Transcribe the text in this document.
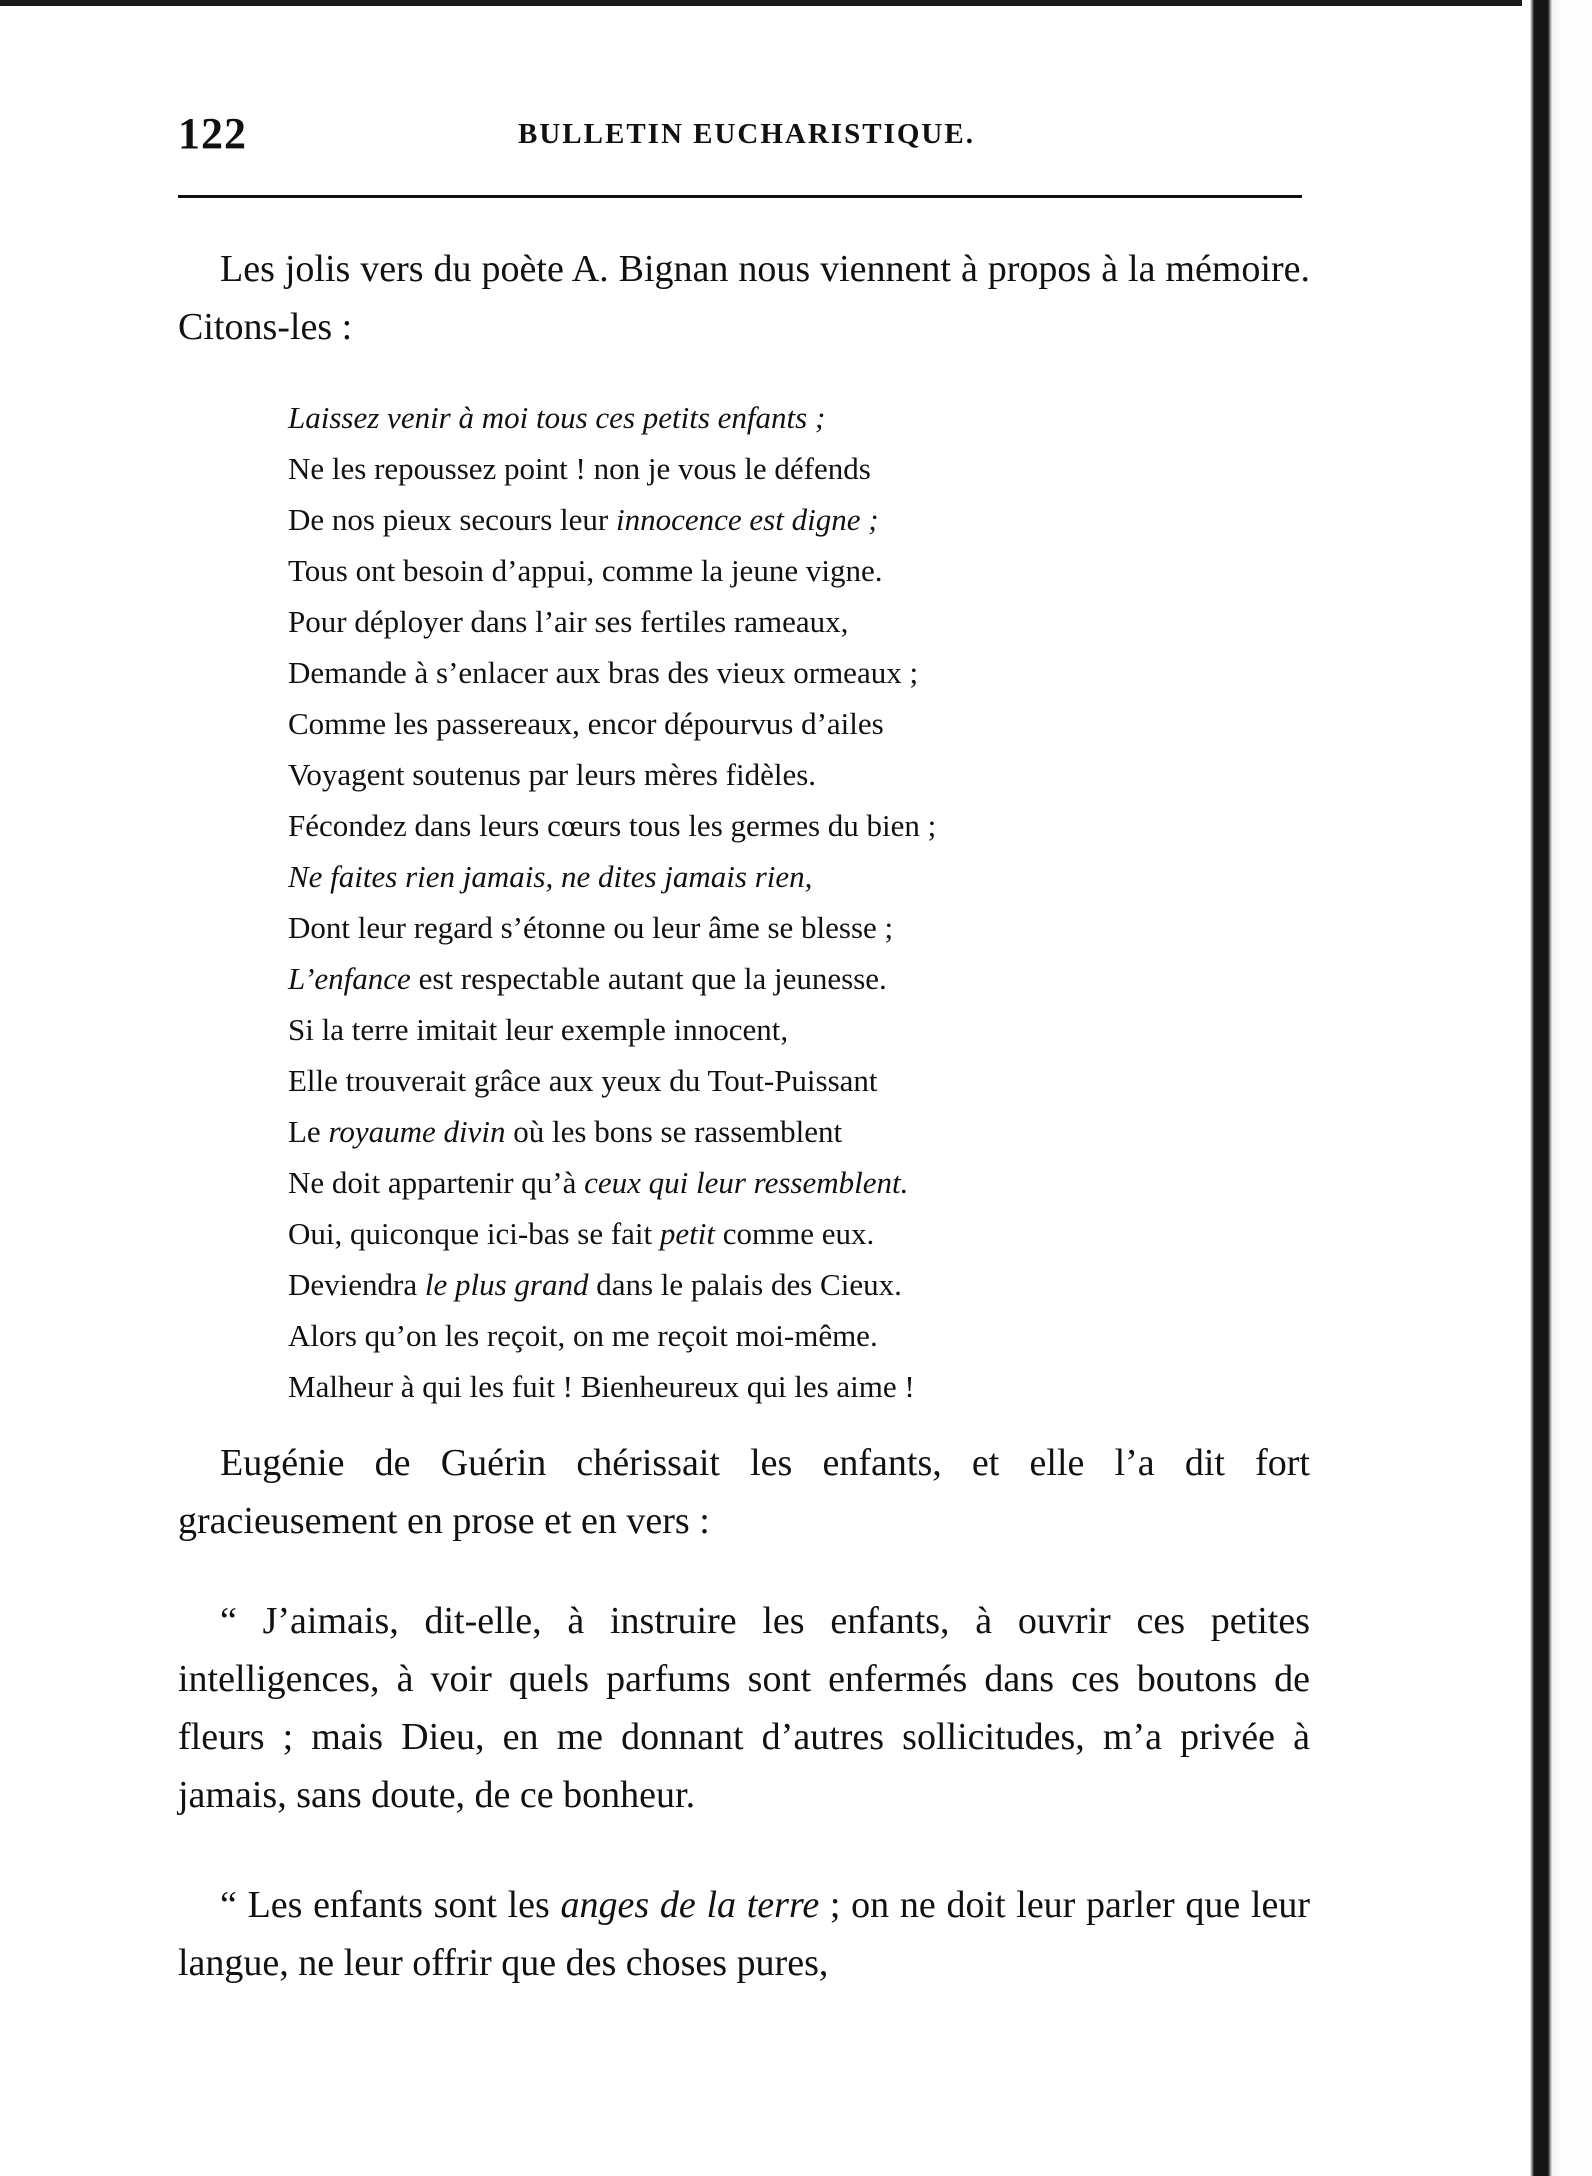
122	BULLETIN EUCHARISTIQUE.

Les jolis vers du poète A. Bignan nous viennent à propos à la mémoire. Citons-les :

Laissez venir à moi tous ces petits enfants ;
Ne les repoussez point ! non je vous le défends
De nos pieux secours leur innocence est digne ;
Tous ont besoin d’appui, comme la jeune vigne.
Pour déployer dans l’air ses fertiles rameaux,
Demande à s’enlacer aux bras des vieux ormeaux ;
Comme les passereaux, encor dépourvus d’ailes
Voyagent soutenus par leurs mères fidèles.
Fécondez dans leurs cœurs tous les germes du bien ;
Ne faites rien jamais, ne dites jamais rien,
Dont leur regard s’étonne ou leur âme se blesse ;
L’enfance est respectable autant que la jeunesse.
Si la terre imitait leur exemple innocent,
Elle trouverait grâce aux yeux du Tout-Puissant
Le royaume divin où les bons se rassemblent
Ne doit appartenir qu’à ceux qui leur ressemblent.
Oui, quiconque ici-bas se fait petit comme eux.
Deviendra le plus grand dans le palais des Cieux.
Alors qu’on les reçoit, on me reçoit moi-même.
Malheur à qui les fuit ! Bienheureux qui les aime !

Eugénie de Guérin chérissait les enfants, et elle l’a dit fort gracieusement en prose et en vers :

“ J’aimais, dit-elle, à instruire les enfants, à ouvrir ces petites intelligences, à voir quels parfums sont enfermés dans ces boutons de fleurs ; mais Dieu, en me donnant d’autres sollicitudes, m’a privée à jamais, sans doute, de ce bonheur.

“ Les enfants sont les anges de la terre ; on ne doit leur parler que leur langue, ne leur offrir que des choses pures,
